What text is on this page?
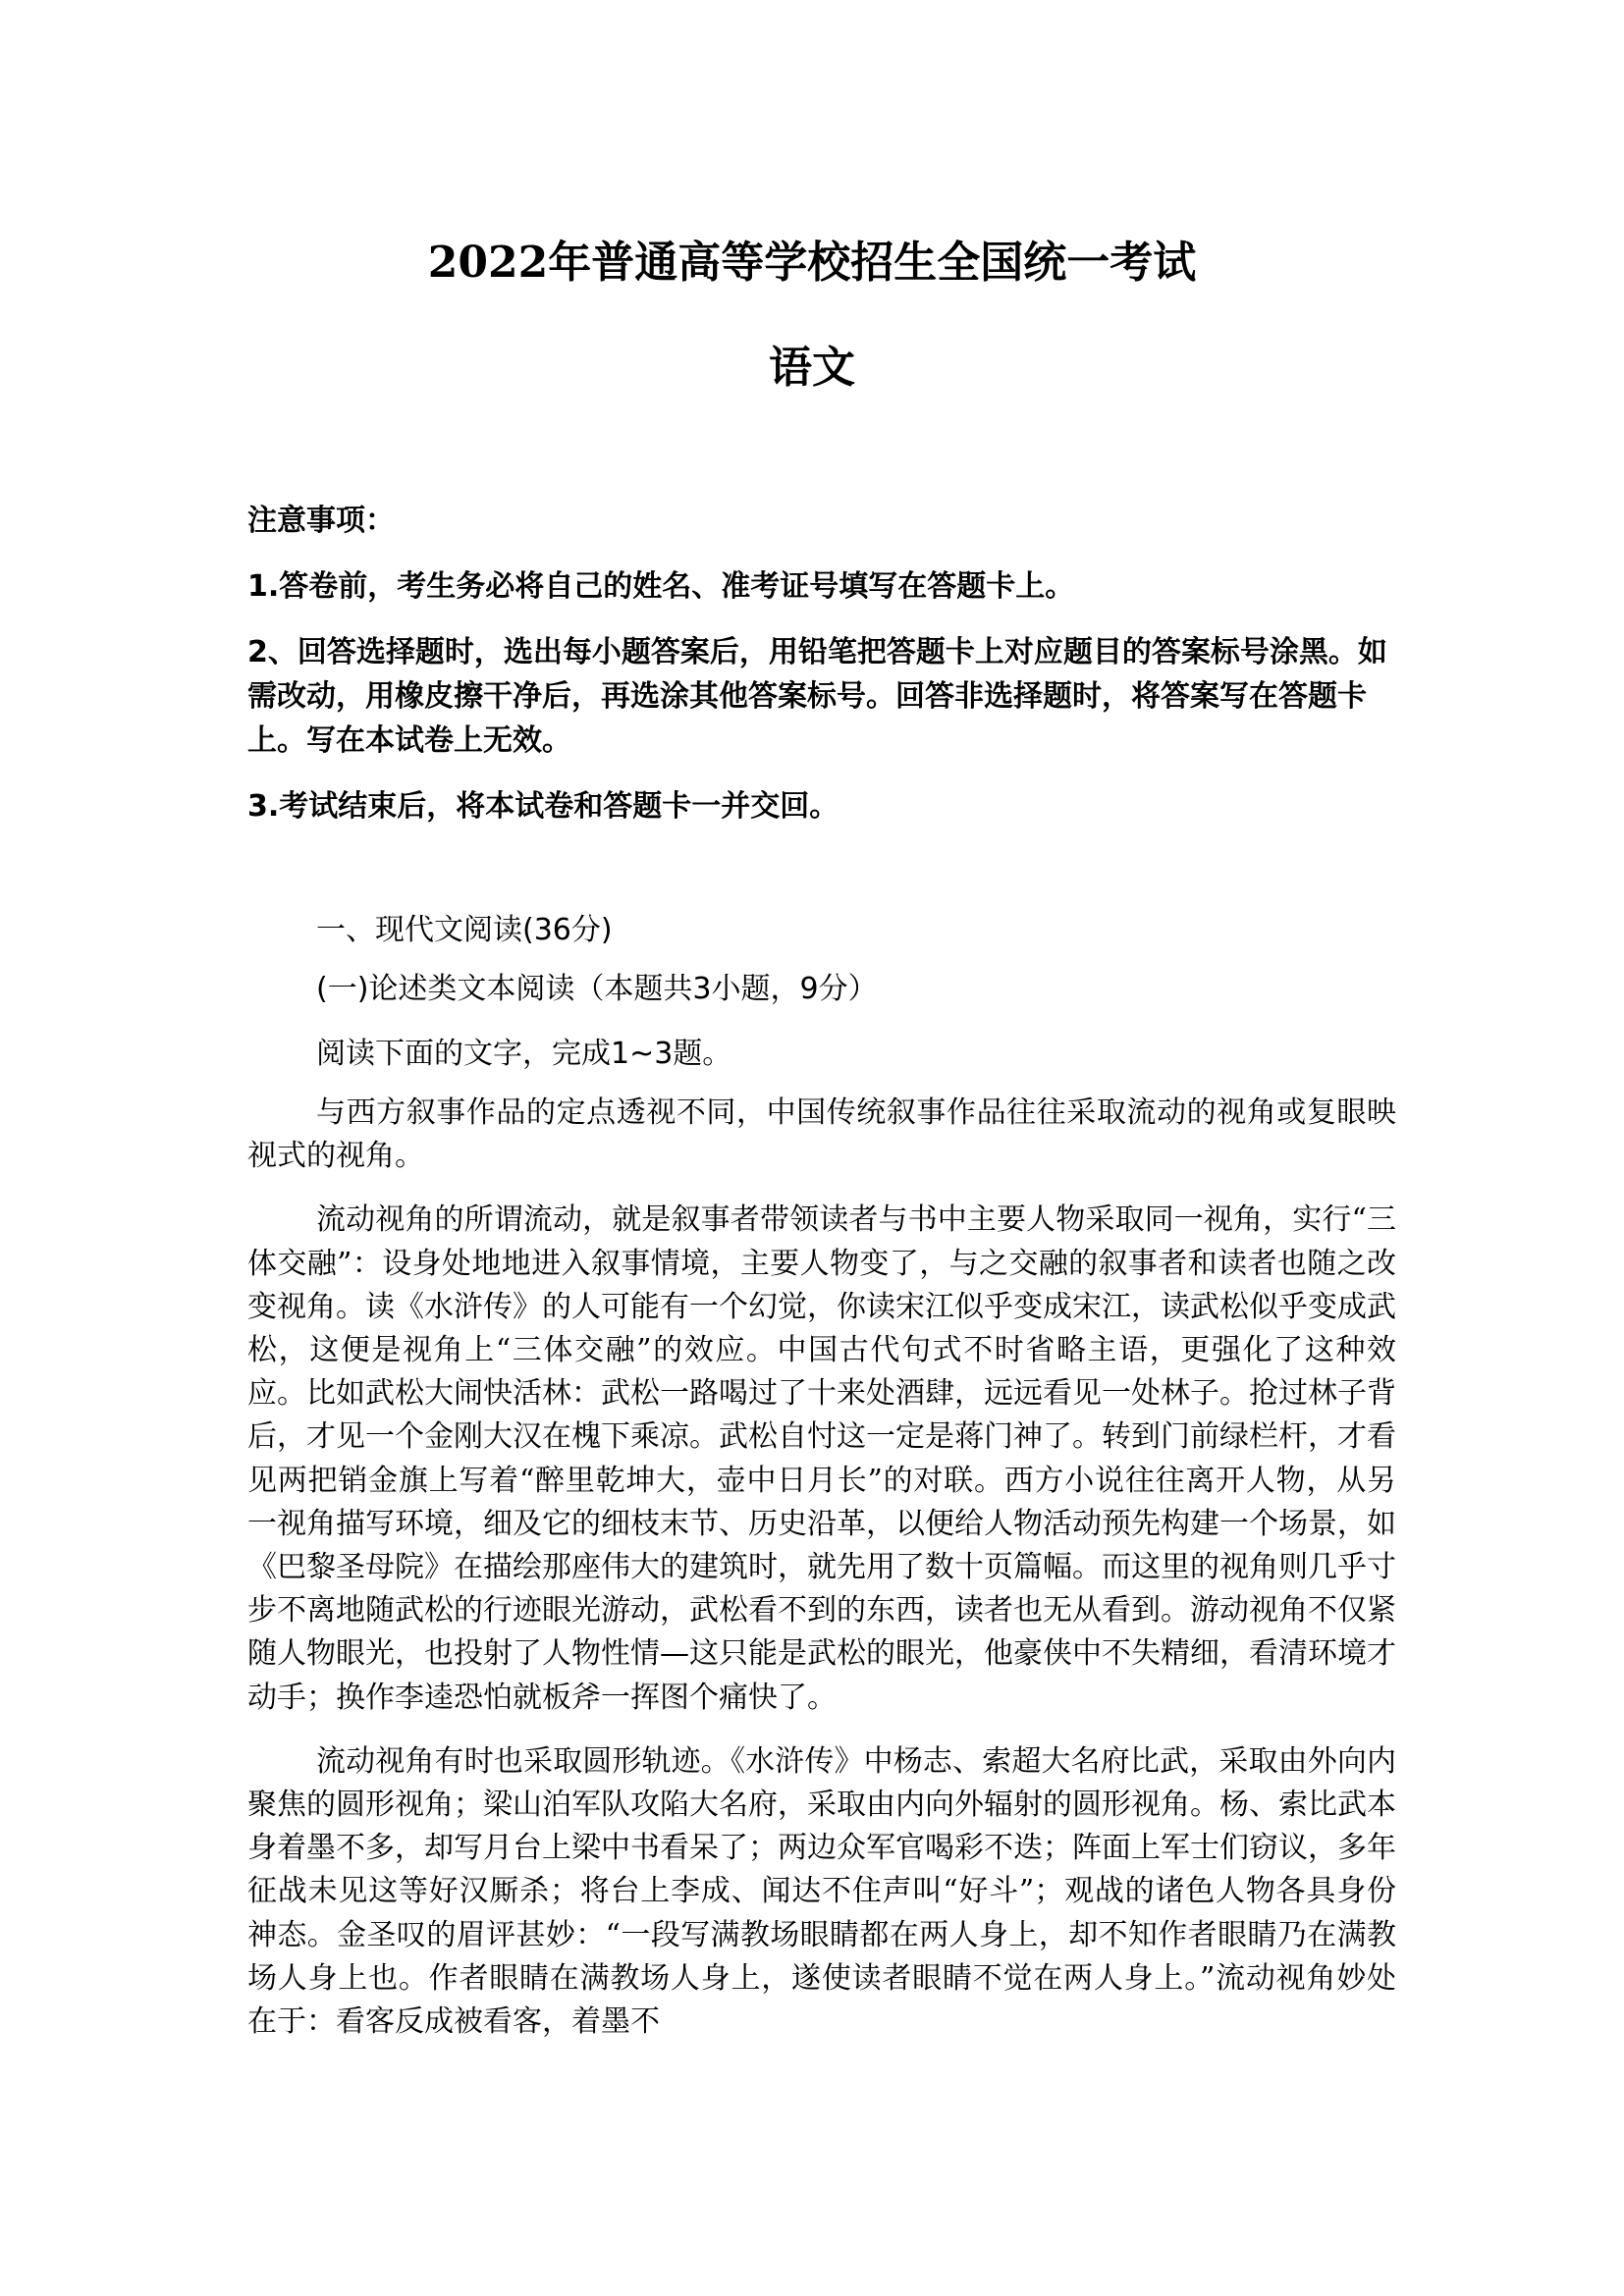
2022年普通高等学校招生全国统一考试
语文

注意事项：

1.答卷前，考生务必将自己的姓名、准考证号填写在答题卡上。

2、回答选择题时，选出每小题答案后，用铅笔把答题卡上对应题目的答案标号涂黑。如需改动，用橡皮擦干净后，再选涂其他答案标号。回答非选择题时，将答案写在答题卡上。写在本试卷上无效。

3.考试结束后，将本试卷和答题卡一并交回。

一、现代文阅读(36分)
(一)论述类文本阅读（本题共3小题，9分）
阅读下面的文字，完成1~3题。

与西方叙事作品的定点透视不同，中国传统叙事作品往往采取流动的视角或复眼映视式的视角。

流动视角的所谓流动，就是叙事者带领读者与书中主要人物采取同一视角，实行“三体交融”：设身处地地进入叙事情境，主要人物变了，与之交融的叙事者和读者也随之改变视角。读《水浒传》的人可能有一个幻觉，你读宋江似乎变成宋江，读武松似乎变成武松，这便是视角上“三体交融”的效应。中国古代句式不时省略主语，更强化了这种效应。比如武松大闹快活林：武松一路喝过了十来处酒肆，远远看见一处林子。抢过林子背后，才见一个金刚大汉在槐下乘凉。武松自忖这一定是蒋门神了。转到门前绿栏杆，才看见两把销金旗上写着“醉里乾坤大，壶中日月长”的对联。西方小说往往离开人物，从另一视角描写环境，细及它的细枝末节、历史沿革，以便给人物活动预先构建一个场景，如《巴黎圣母院》在描绘那座伟大的建筑时，就先用了数十页篇幅。而这里的视角则几乎寸步不离地随武松的行迹眼光游动，武松看不到的东西，读者也无从看到。游动视角不仅紧随人物眼光，也投射了人物性情—这只能是武松的眼光，他豪侠中不失精细，看清环境才动手；换作李逵恐怕就板斧一挥图个痛快了。

流动视角有时也采取圆形轨迹。《水浒传》中杨志、索超大名府比武，采取由外向内聚焦的圆形视角；梁山泊军队攻陷大名府，采取由内向外辐射的圆形视角。杨、索比武本身着墨不多，却写月台上梁中书看呆了；两边众军官喝彩不迭；阵面上军士们窃议，多年征战未见这等好汉厮杀；将台上李成、闻达不住声叫“好斗”；观战的诸色人物各具身份神态。金圣叹的眉评甚妙：“一段写满教场眼睛都在两人身上，却不知作者眼睛乃在满教场人身上也。作者眼睛在满教场人身上，遂使读者眼睛不觉在两人身上。”流动视角妙处在于：看客反成被看客，着墨不
